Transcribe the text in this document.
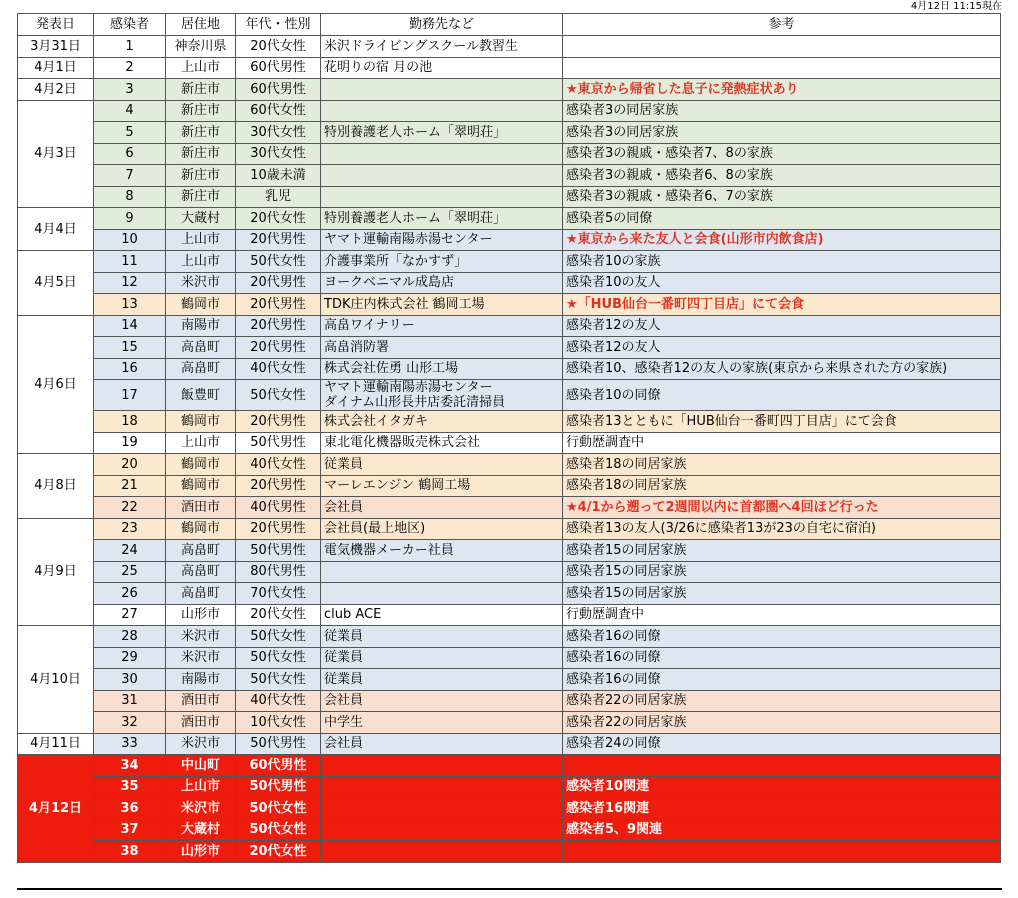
4月12日 11:15現在
発表日	感染者	居住地	年代・性別	勤務先など	参考
3月31日	1	神奈川県	20代女性	米沢ドライビングスクール教習生	
4月1日	2	上山市	60代男性	花明りの宿 月の池	
4月2日	3	新庄市	60代男性		★東京から帰省した息子に発熱症状あり
4月3日	4	新庄市	60代女性		感染者3の同居家族
	5	新庄市	30代女性	特別養護老人ホーム「翠明荘」	感染者3の同居家族
	6	新庄市	30代女性		感染者3の親戚・感染者7、8の家族
	7	新庄市	10歳未満		感染者3の親戚・感染者6、8の家族
	8	新庄市	乳児		感染者3の親戚・感染者6、7の家族
4月4日	9	大蔵村	20代女性	特別養護老人ホーム「翠明荘」	感染者5の同僚
	10	上山市	20代男性	ヤマト運輸南陽赤湯センター	★東京から来た友人と会食(山形市内飲食店)
4月5日	11	上山市	50代女性	介護事業所「なかすず」	感染者10の家族
	12	米沢市	20代男性	ヨークベニマル成島店	感染者10の友人
	13	鶴岡市	20代男性	TDK庄内株式会社 鶴岡工場	★「HUB仙台一番町四丁目店」にて会食
4月6日	14	南陽市	20代男性	高畠ワイナリー	感染者12の友人
	15	高畠町	20代男性	高畠消防署	感染者12の友人
	16	高畠町	40代女性	株式会社佐勇 山形工場	感染者10、感染者12の友人の家族(東京から来県された方の家族)
	17	飯豊町	50代女性	ヤマト運輸南陽赤湯センター
ダイナム山形長井店委託清掃員	感染者10の同僚
	18	鶴岡市	20代男性	株式会社イタガキ	感染者13とともに「HUB仙台一番町四丁目店」にて会食
	19	上山市	50代男性	東北電化機器販売株式会社	行動歴調査中
4月8日	20	鶴岡市	40代女性	従業員	感染者18の同居家族
	21	鶴岡市	20代男性	マーレエンジン 鶴岡工場	感染者18の同居家族
	22	酒田市	40代男性	会社員	★4/1から遡って2週間以内に首都圏へ4回ほど行った
4月9日	23	鶴岡市	20代男性	会社員(最上地区)	感染者13の友人(3/26に感染者13が23の自宅に宿泊)
	24	高畠町	50代男性	電気機器メーカー社員	感染者15の同居家族
	25	高畠町	80代男性		感染者15の同居家族
	26	高畠町	70代女性		感染者15の同居家族
	27	山形市	20代女性	club ACE	行動歴調査中
4月10日	28	米沢市	50代女性	従業員	感染者16の同僚
	29	米沢市	50代女性	従業員	感染者16の同僚
	30	南陽市	50代女性	従業員	感染者16の同僚
	31	酒田市	40代女性	会社員	感染者22の同居家族
	32	酒田市	10代女性	中学生	感染者22の同居家族
4月11日	33	米沢市	50代男性	会社員	感染者24の同僚
4月12日	34	中山町	60代男性		
	35	上山市	50代男性		感染者10関連
	36	米沢市	50代女性		感染者16関連
	37	大蔵村	50代女性		感染者5、9関連
	38	山形市	20代女性		
